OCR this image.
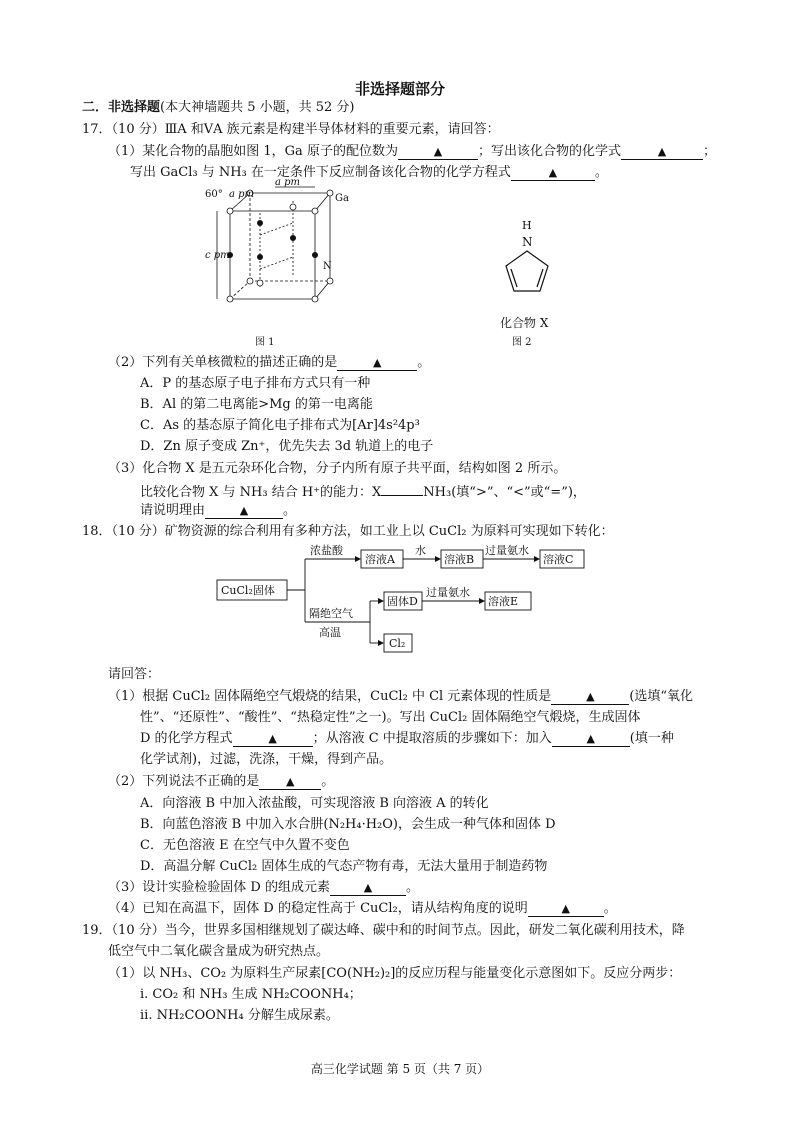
非选择题部分
二．非选择题(本大神墙题共 5 小题，共 52 分)
17．（10 分）ⅢA 和ⅤA 族元素是构建半导体材料的重要元素，请回答：
（1）某化合物的晶胞如图 1，Ga 原子的配位数为	▲	；写出该化合物的化学式	▲	；
写出 GaCl₃ 与 NH₃ 在一定条件下反应制备该化合物的化学方程式	▲	。
60° a pm
a pm
c pm
Ga
N
图 1
H
N
化合物 X
图 2
（2）下列有关单核微粒的描述正确的是	▲	。
A．P 的基态原子电子排布方式只有一种
B．Al 的第二电离能>Mg 的第一电离能
C．As 的基态原子简化电子排布式为[Ar]4s²4p³
D．Zn 原子变成 Zn⁺，优先失去 3d 轨道上的电子
（3）化合物 X 是五元杂环化合物，分子内所有原子共平面，结构如图 2 所示。
比较化合物 X 与 NH₃ 结合 H⁺的能力：X	NH₃(填“>”、“<”或“=”)，
请说明理由	▲	。
18．（10 分）矿物资源的综合利用有多种方法，如工业上以 CuCl₂ 为原料可实现如下转化：
CuCl₂固体
浓盐酸
溶液A
水
溶液B
过量氨水
溶液C
隔绝空气
高温
固体D
过量氨水
溶液E
Cl₂
请回答：
（1）根据 CuCl₂ 固体隔绝空气煅烧的结果，CuCl₂ 中 Cl 元素体现的性质是	▲	(选填“氧化
性”、“还原性”、“酸性”、“热稳定性”之一)。写出 CuCl₂ 固体隔绝空气煅烧，生成固体
D 的化学方程式	▲	；从溶液 C 中提取溶质的步骤如下：加入	▲	(填一种
化学试剂)，过滤，洗涤，干燥，得到产品。
（2）下列说法不正确的是 ▲ 。
A．向溶液 B 中加入浓盐酸，可实现溶液 B 向溶液 A 的转化
B．向蓝色溶液 B 中加入水合肼(N₂H₄·H₂O)，会生成一种气体和固体 D
C．无色溶液 E 在空气中久置不变色
D．高温分解 CuCl₂ 固体生成的气态产物有毒，无法大量用于制造药物
（3）设计实验检验固体 D 的组成元素	▲	。
（4）已知在高温下，固体 D 的稳定性高于 CuCl₂，请从结构角度的说明	▲	。
19．（10 分）当今，世界多国相继规划了碳达峰、碳中和的时间节点。因此，研发二氧化碳利用技术，降
低空气中二氧化碳含量成为研究热点。
（1）以 NH₃、CO₂ 为原料生产尿素[CO(NH₂)₂]的反应历程与能量变化示意图如下。反应分两步：
ⅰ. CO₂ 和 NH₃ 生成 NH₂COONH₄；
ⅱ. NH₂COONH₄ 分解生成尿素。
高三化学试题 第 5 页（共 7 页）
